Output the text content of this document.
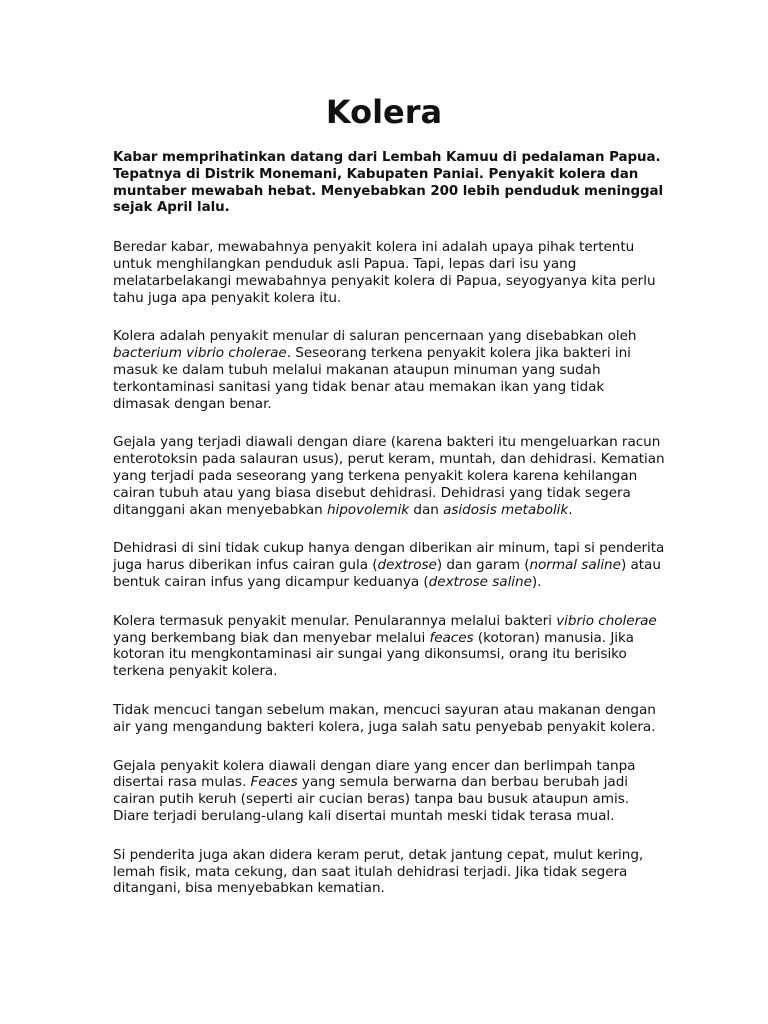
Kolera

Kabar memprihatinkan datang dari Lembah Kamuu di pedalaman Papua. Tepatnya di Distrik Monemani, Kabupaten Paniai. Penyakit kolera dan muntaber mewabah hebat. Menyebabkan 200 lebih penduduk meninggal sejak April lalu.

Beredar kabar, mewabahnya penyakit kolera ini adalah upaya pihak tertentu untuk menghilangkan penduduk asli Papua. Tapi, lepas dari isu yang melatarbelakangi mewabahnya penyakit kolera di Papua, seyogyanya kita perlu tahu juga apa penyakit kolera itu.

Kolera adalah penyakit menular di saluran pencernaan yang disebabkan oleh bacterium vibrio cholerae. Seseorang terkena penyakit kolera jika bakteri ini masuk ke dalam tubuh melalui makanan ataupun minuman yang sudah terkontaminasi sanitasi yang tidak benar atau memakan ikan yang tidak dimasak dengan benar.

Gejala yang terjadi diawali dengan diare (karena bakteri itu mengeluarkan racun enterotoksin pada salauran usus), perut keram, muntah, dan dehidrasi. Kematian yang terjadi pada seseorang yang terkena penyakit kolera karena kehilangan cairan tubuh atau yang biasa disebut dehidrasi. Dehidrasi yang tidak segera ditanggani akan menyebabkan hipovolemik dan asidosis metabolik.

Dehidrasi di sini tidak cukup hanya dengan diberikan air minum, tapi si penderita juga harus diberikan infus cairan gula (dextrose) dan garam (normal saline) atau bentuk cairan infus yang dicampur keduanya (dextrose saline).

Kolera termasuk penyakit menular. Penularannya melalui bakteri vibrio cholerae yang berkembang biak dan menyebar melalui feaces (kotoran) manusia. Jika kotoran itu mengkontaminasi air sungai yang dikonsumsi, orang itu berisiko terkena penyakit kolera.

Tidak mencuci tangan sebelum makan, mencuci sayuran atau makanan dengan air yang mengandung bakteri kolera, juga salah satu penyebab penyakit kolera.

Gejala penyakit kolera diawali dengan diare yang encer dan berlimpah tanpa disertai rasa mulas. Feaces yang semula berwarna dan berbau berubah jadi cairan putih keruh (seperti air cucian beras) tanpa bau busuk ataupun amis. Diare terjadi berulang-ulang kali disertai muntah meski tidak terasa mual.

Si penderita juga akan didera keram perut, detak jantung cepat, mulut kering, lemah fisik, mata cekung, dan saat itulah dehidrasi terjadi. Jika tidak segera ditangani, bisa menyebabkan kematian.
